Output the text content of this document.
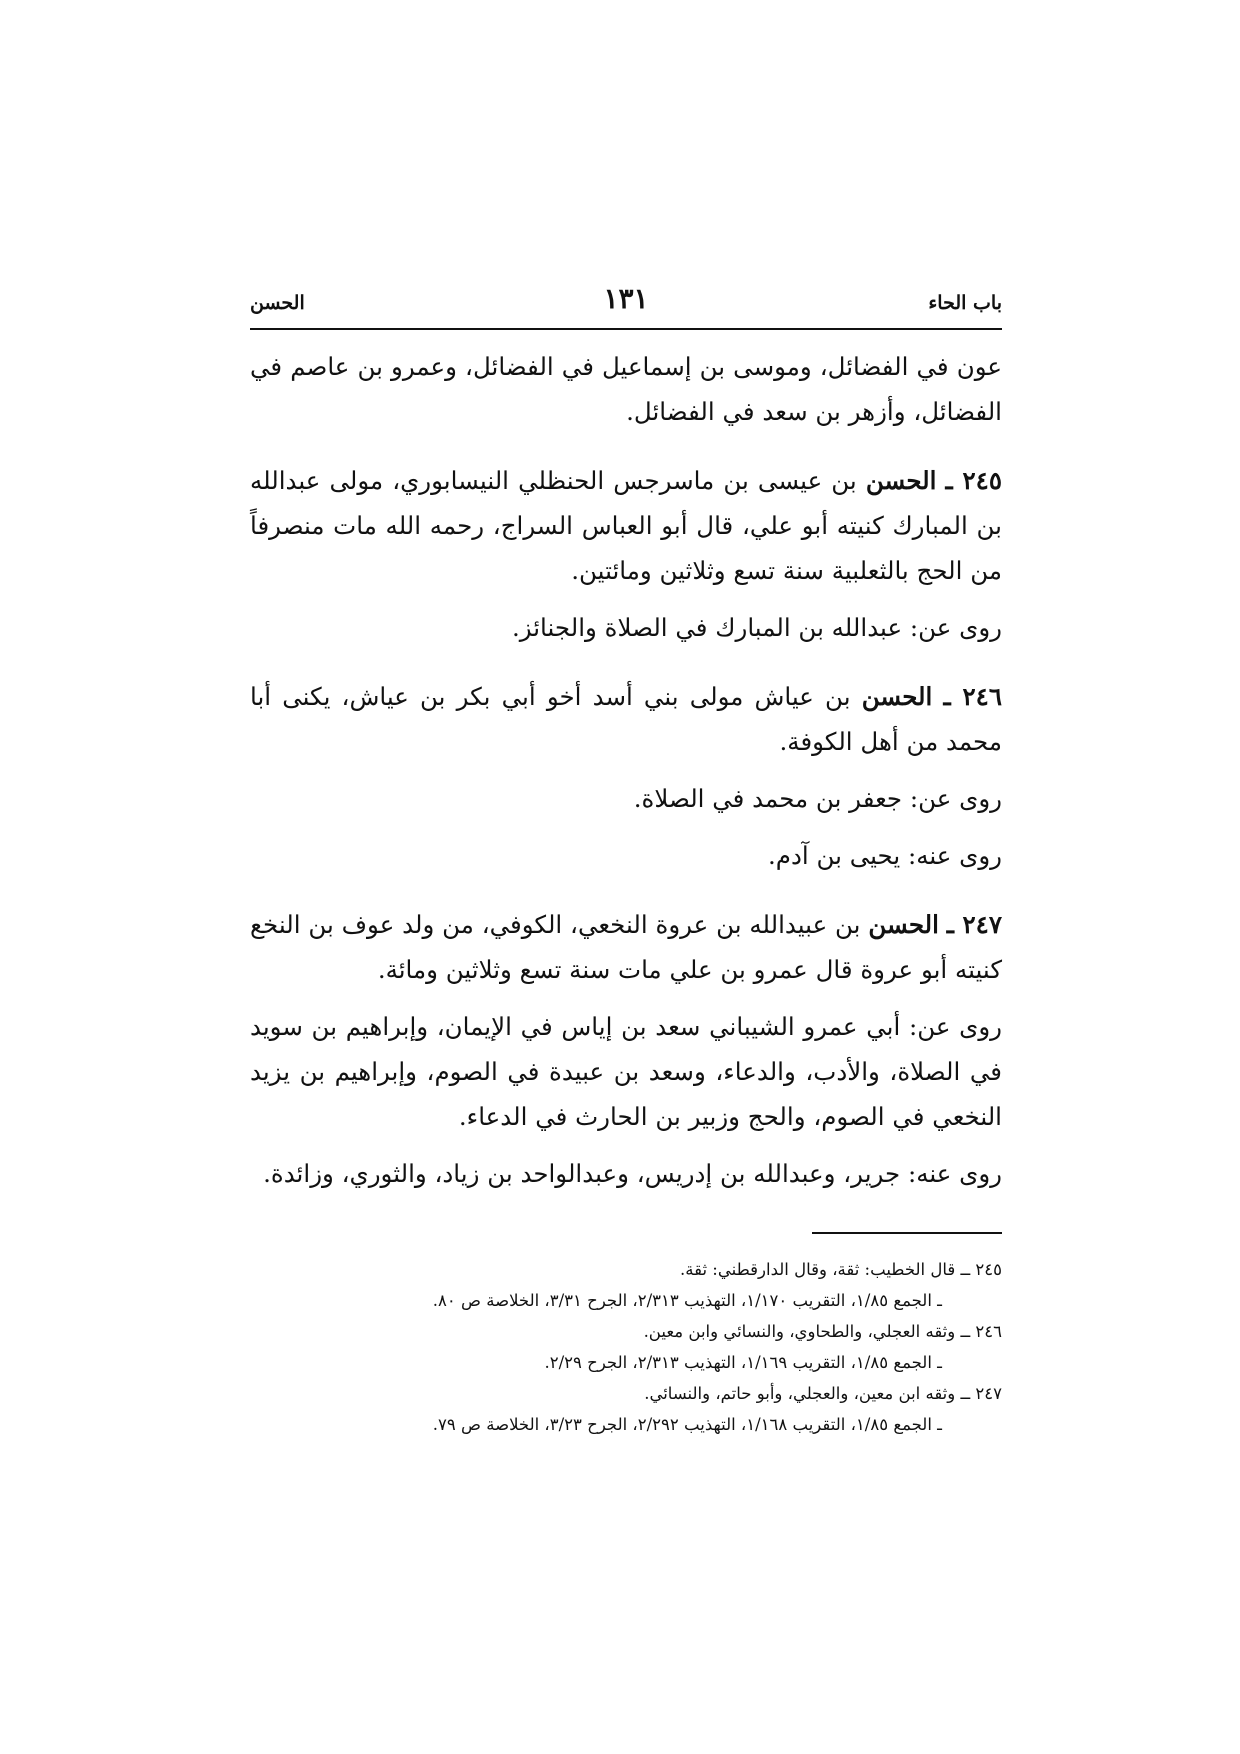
باب الحاء
١٣١
الحسن

عون في الفضائل، وموسى بن إسماعيل في الفضائل، وعمرو بن عاصم في الفضائل، وأزهر بن سعد في الفضائل.

٢٤٥ ـ الحسن بن عيسى بن ماسرجس الحنظلي النيسابوري، مولى عبدالله بن المبارك كنيته أبو علي، قال أبو العباس السراج، رحمه الله مات منصرفاً من الحج بالثعلبية سنة تسع وثلاثين ومائتين.

روى عن: عبدالله بن المبارك في الصلاة والجنائز.

٢٤٦ ـ الحسن بن عياش مولى بني أسد أخو أبي بكر بن عياش، يكنى أبا محمد من أهل الكوفة.

روى عن: جعفر بن محمد في الصلاة.

روى عنه: يحيى بن آدم.

٢٤٧ ـ الحسن بن عبيدالله بن عروة النخعي، الكوفي، من ولد عوف بن النخع كنيته أبو عروة قال عمرو بن علي مات سنة تسع وثلاثين ومائة.

روى عن: أبي عمرو الشيباني سعد بن إياس في الإيمان، وإبراهيم بن سويد في الصلاة، والأدب، والدعاء، وسعد بن عبيدة في الصوم، وإبراهيم بن يزيد النخعي في الصوم، والحج وزبير بن الحارث في الدعاء.

روى عنه: جرير، وعبدالله بن إدريس، وعبدالواحد بن زياد، والثوري، وزائدة.

٢٤٥ ــ قال الخطيب: ثقة، وقال الدارقطني: ثقة.

ـ الجمع ١/٨٥، التقريب ١/١٧٠، التهذيب ٢/٣١٣، الجرح ٣/٣١، الخلاصة ص ٨٠.

٢٤٦ ــ وثقه العجلي، والطحاوي، والنسائي وابن معين.

ـ الجمع ١/٨٥، التقريب ١/١٦٩، التهذيب ٢/٣١٣، الجرح ٢/٢٩.

٢٤٧ ــ وثقه ابن معين، والعجلي، وأبو حاتم، والنسائي.

ـ الجمع ١/٨٥، التقريب ١/١٦٨، التهذيب ٢/٢٩٢، الجرح ٣/٢٣، الخلاصة ص ٧٩.
